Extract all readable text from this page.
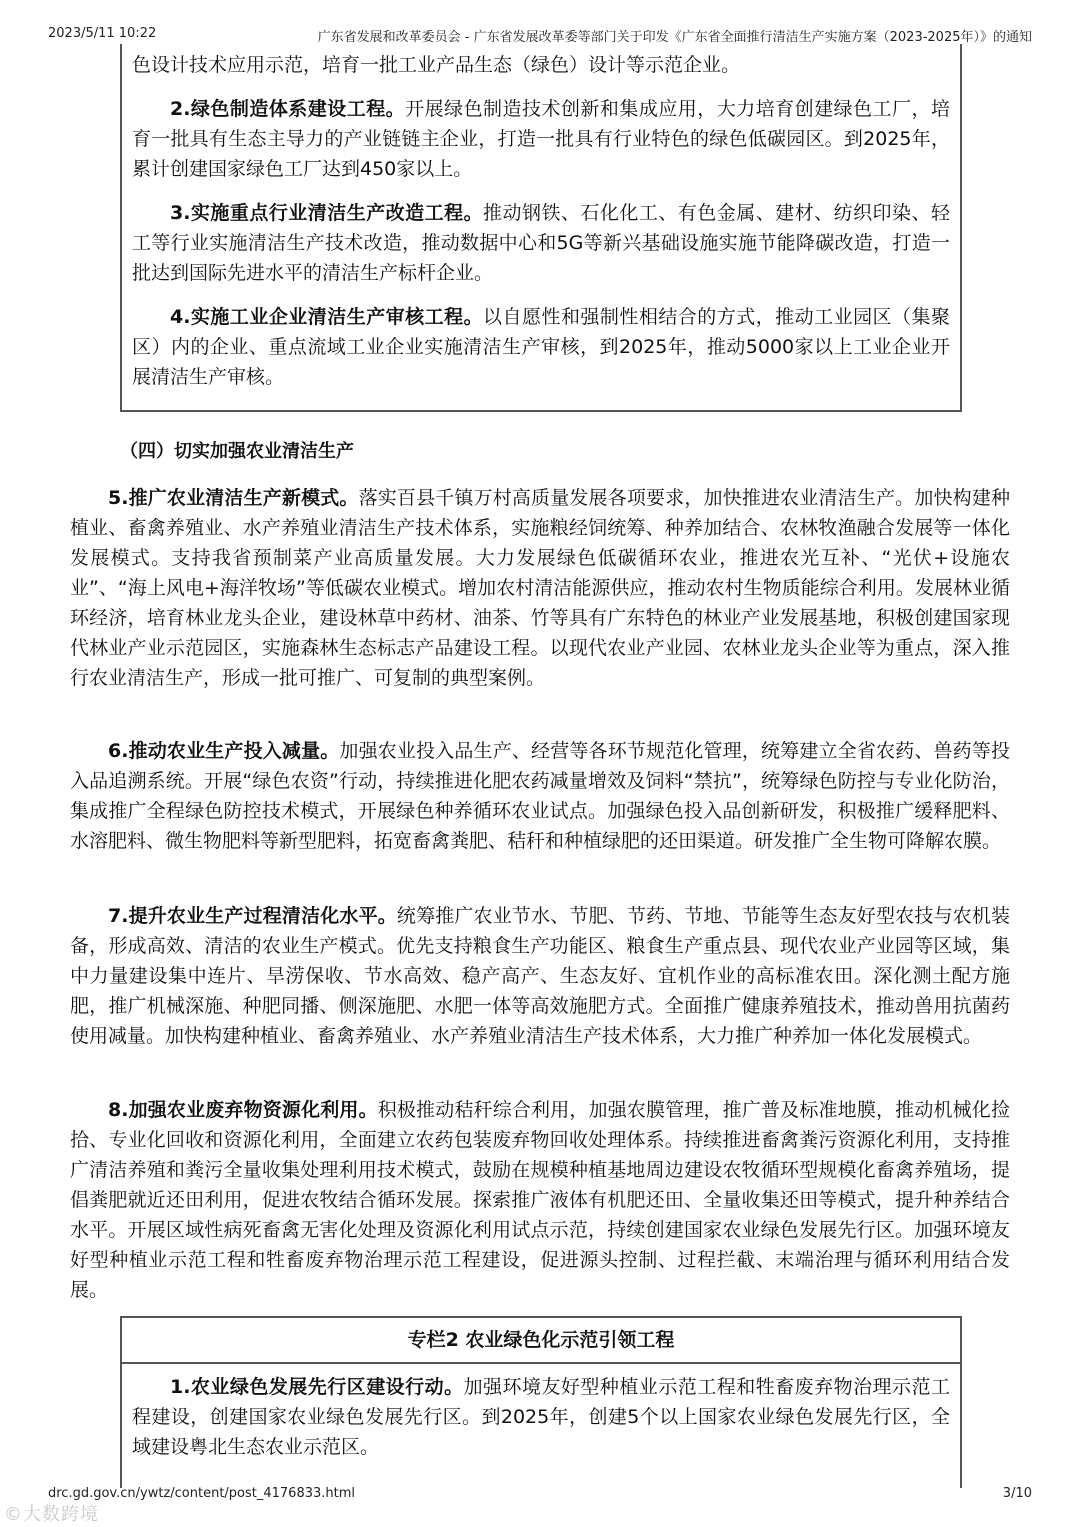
2023/5/11 10:22	广东省发展和改革委员会 - 广东省发展改革委等部门关于印发《广东省全面推行清洁生产实施方案（2023-2025年）》的通知

色设计技术应用示范，培育一批工业产品生态（绿色）设计等示范企业。

2.绿色制造体系建设工程。开展绿色制造技术创新和集成应用，大力培育创建绿色工厂，培育一批具有生态主导力的产业链链主企业，打造一批具有行业特色的绿色低碳园区。到2025年，累计创建国家绿色工厂达到450家以上。

3.实施重点行业清洁生产改造工程。推动钢铁、石化化工、有色金属、建材、纺织印染、轻工等行业实施清洁生产技术改造，推动数据中心和5G等新兴基础设施实施节能降碳改造，打造一批达到国际先进水平的清洁生产标杆企业。

4.实施工业企业清洁生产审核工程。以自愿性和强制性相结合的方式，推动工业园区（集聚区）内的企业、重点流域工业企业实施清洁生产审核，到2025年，推动5000家以上工业企业开展清洁生产审核。

（四）切实加强农业清洁生产

5.推广农业清洁生产新模式。落实百县千镇万村高质量发展各项要求，加快推进农业清洁生产。加快构建种植业、畜禽养殖业、水产养殖业清洁生产技术体系，实施粮经饲统筹、种养加结合、农林牧渔融合发展等一体化发展模式。支持我省预制菜产业高质量发展。大力发展绿色低碳循环农业，推进农光互补、“光伏+设施农业”、“海上风电+海洋牧场”等低碳农业模式。增加农村清洁能源供应，推动农村生物质能综合利用。发展林业循环经济，培育林业龙头企业，建设林草中药材、油茶、竹等具有广东特色的林业产业发展基地，积极创建国家现代林业产业示范园区，实施森林生态标志产品建设工程。以现代农业产业园、农林业龙头企业等为重点，深入推行农业清洁生产，形成一批可推广、可复制的典型案例。

6.推动农业生产投入减量。加强农业投入品生产、经营等各环节规范化管理，统筹建立全省农药、兽药等投入品追溯系统。开展“绿色农资”行动，持续推进化肥农药减量增效及饲料“禁抗”，统筹绿色防控与专业化防治，集成推广全程绿色防控技术模式，开展绿色种养循环农业试点。加强绿色投入品创新研发，积极推广缓释肥料、水溶肥料、微生物肥料等新型肥料，拓宽畜禽粪肥、秸秆和种植绿肥的还田渠道。研发推广全生物可降解农膜。

7.提升农业生产过程清洁化水平。统筹推广农业节水、节肥、节药、节地、节能等生态友好型农技与农机装备，形成高效、清洁的农业生产模式。优先支持粮食生产功能区、粮食生产重点县、现代农业产业园等区域，集中力量建设集中连片、旱涝保收、节水高效、稳产高产、生态友好、宜机作业的高标准农田。深化测土配方施肥，推广机械深施、种肥同播、侧深施肥、水肥一体等高效施肥方式。全面推广健康养殖技术，推动兽用抗菌药使用减量。加快构建种植业、畜禽养殖业、水产养殖业清洁生产技术体系，大力推广种养加一体化发展模式。

8.加强农业废弃物资源化利用。积极推动秸秆综合利用，加强农膜管理，推广普及标准地膜，推动机械化捡拾、专业化回收和资源化利用，全面建立农药包装废弃物回收处理体系。持续推进畜禽粪污资源化利用，支持推广清洁养殖和粪污全量收集处理利用技术模式，鼓励在规模种植基地周边建设农牧循环型规模化畜禽养殖场，提倡粪肥就近还田利用，促进农牧结合循环发展。探索推广液体有机肥还田、全量收集还田等模式，提升种养结合水平。开展区域性病死畜禽无害化处理及资源化利用试点示范，持续创建国家农业绿色发展先行区。加强环境友好型种植业示范工程和牲畜废弃物治理示范工程建设，促进源头控制、过程拦截、末端治理与循环利用结合发展。

专栏2 农业绿色化示范引领工程

1.农业绿色发展先行区建设行动。加强环境友好型种植业示范工程和牲畜废弃物治理示范工程建设，创建国家农业绿色发展先行区。到2025年，创建5个以上国家农业绿色发展先行区，全域建设粤北生态农业示范区。

drc.gd.gov.cn/ywtz/content/post_4176833.html	3/10
©大数跨境
